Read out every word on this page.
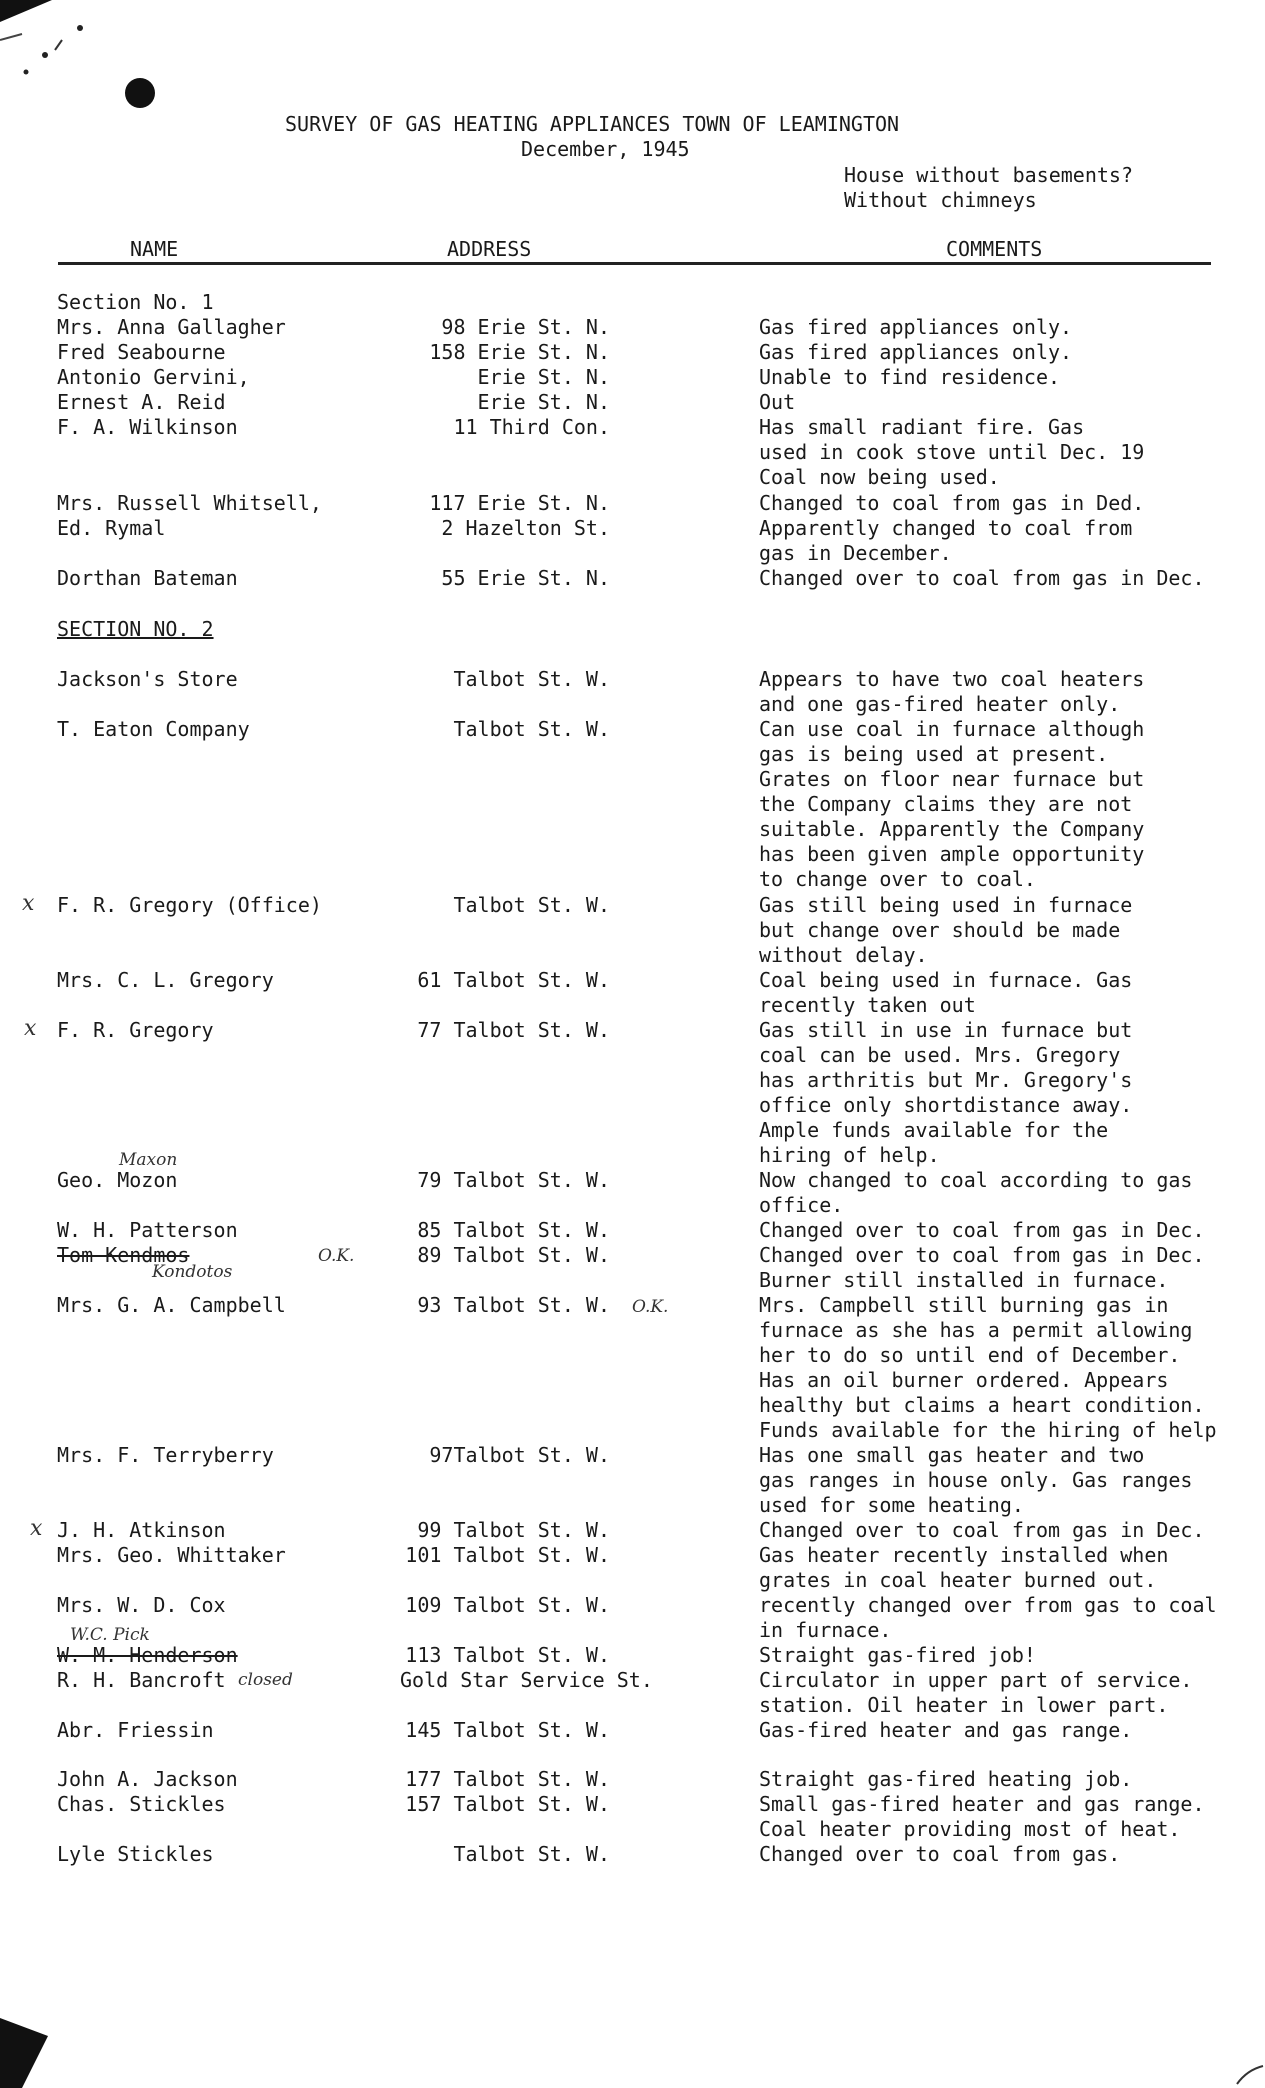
SURVEY OF GAS HEATING APPLIANCES TOWN OF LEAMINGTON
December, 1945
House without basements?
Without chimneys
NAME	ADDRESS	COMMENTS
Section No. 1
SECTION NO. 2
Mrs. Anna Gallagher	98 Erie St. N.	Gas fired appliances only.
Fred Seabourne	158 Erie St. N.	Gas fired appliances only.
Antonio Gervini,	Erie St. N.	Unable to find residence.
Ernest A. Reid	Erie St. N.	Out
F. A. Wilkinson	11 Third Con.	Has small radiant fire. Gas
used in cook stove until Dec. 19
Coal now being used.
Mrs. Russell Whitsell,	117 Erie St. N.	Changed to coal from gas in Ded.
Ed. Rymal	2 Hazelton St.	Apparently changed to coal from
gas in December.
Dorthan Bateman	55 Erie St. N.	Changed over to coal from gas in Dec.
Jackson's Store	Talbot St. W.	Appears to have two coal heaters
and one gas-fired heater only.
T. Eaton Company	Talbot St. W.	Can use coal in furnace although
gas is being used at present.
Grates on floor near furnace but
the Company claims they are not
suitable. Apparently the Company
has been given ample opportunity
to change over to coal.
F. R. Gregory (Office)	Talbot St. W.	Gas still being used in furnace
but change over should be made
without delay.
Mrs. C. L. Gregory	61 Talbot St. W.	Coal being used in furnace. Gas
recently taken out
F. R. Gregory	77 Talbot St. W.	Gas still in use in furnace but
coal can be used. Mrs. Gregory
has arthritis but Mr. Gregory's
office only shortdistance away.
Ample funds available for the
hiring of help.
Geo. Mozon	79 Talbot St. W.	Now changed to coal according to gas
office.
W. H. Patterson	85 Talbot St. W.	Changed over to coal from gas in Dec.
Tom Kendmos	89 Talbot St. W.	Changed over to coal from gas in Dec.
Burner still installed in furnace.
Mrs. G. A. Campbell	93 Talbot St. W.	Mrs. Campbell still burning gas in
furnace as she has a permit allowing
her to do so until end of December.
Has an oil burner ordered. Appears
healthy but claims a heart condition.
Funds available for the hiring of help
Mrs. F. Terryberry	97Talbot St. W.	Has one small gas heater and two
gas ranges in house only. Gas ranges
used for some heating.
J. H. Atkinson	99 Talbot St. W.	Changed over to coal from gas in Dec.
Mrs. Geo. Whittaker	101 Talbot St. W.	Gas heater recently installed when
grates in coal heater burned out.
Mrs. W. D. Cox	109 Talbot St. W.	recently changed over from gas to coal
in furnace.
W. M. Henderson	113 Talbot St. W.	Straight gas-fired job!
R. H. Bancroft	Gold Star Service St.	Circulator in upper part of service.
station. Oil heater in lower part.
Abr. Friessin	145 Talbot St. W.	Gas-fired heater and gas range.
John A. Jackson	177 Talbot St. W.	Straight gas-fired heating job.
Chas. Stickles	157 Talbot St. W.	Small gas-fired heater and gas range.
Coal heater providing most of heat.
Lyle Stickles	Talbot St. W.	Changed over to coal from gas.
Maxon
Kondotos
O.K.
O.K.
W.C. Pick
closed
x
x
x
